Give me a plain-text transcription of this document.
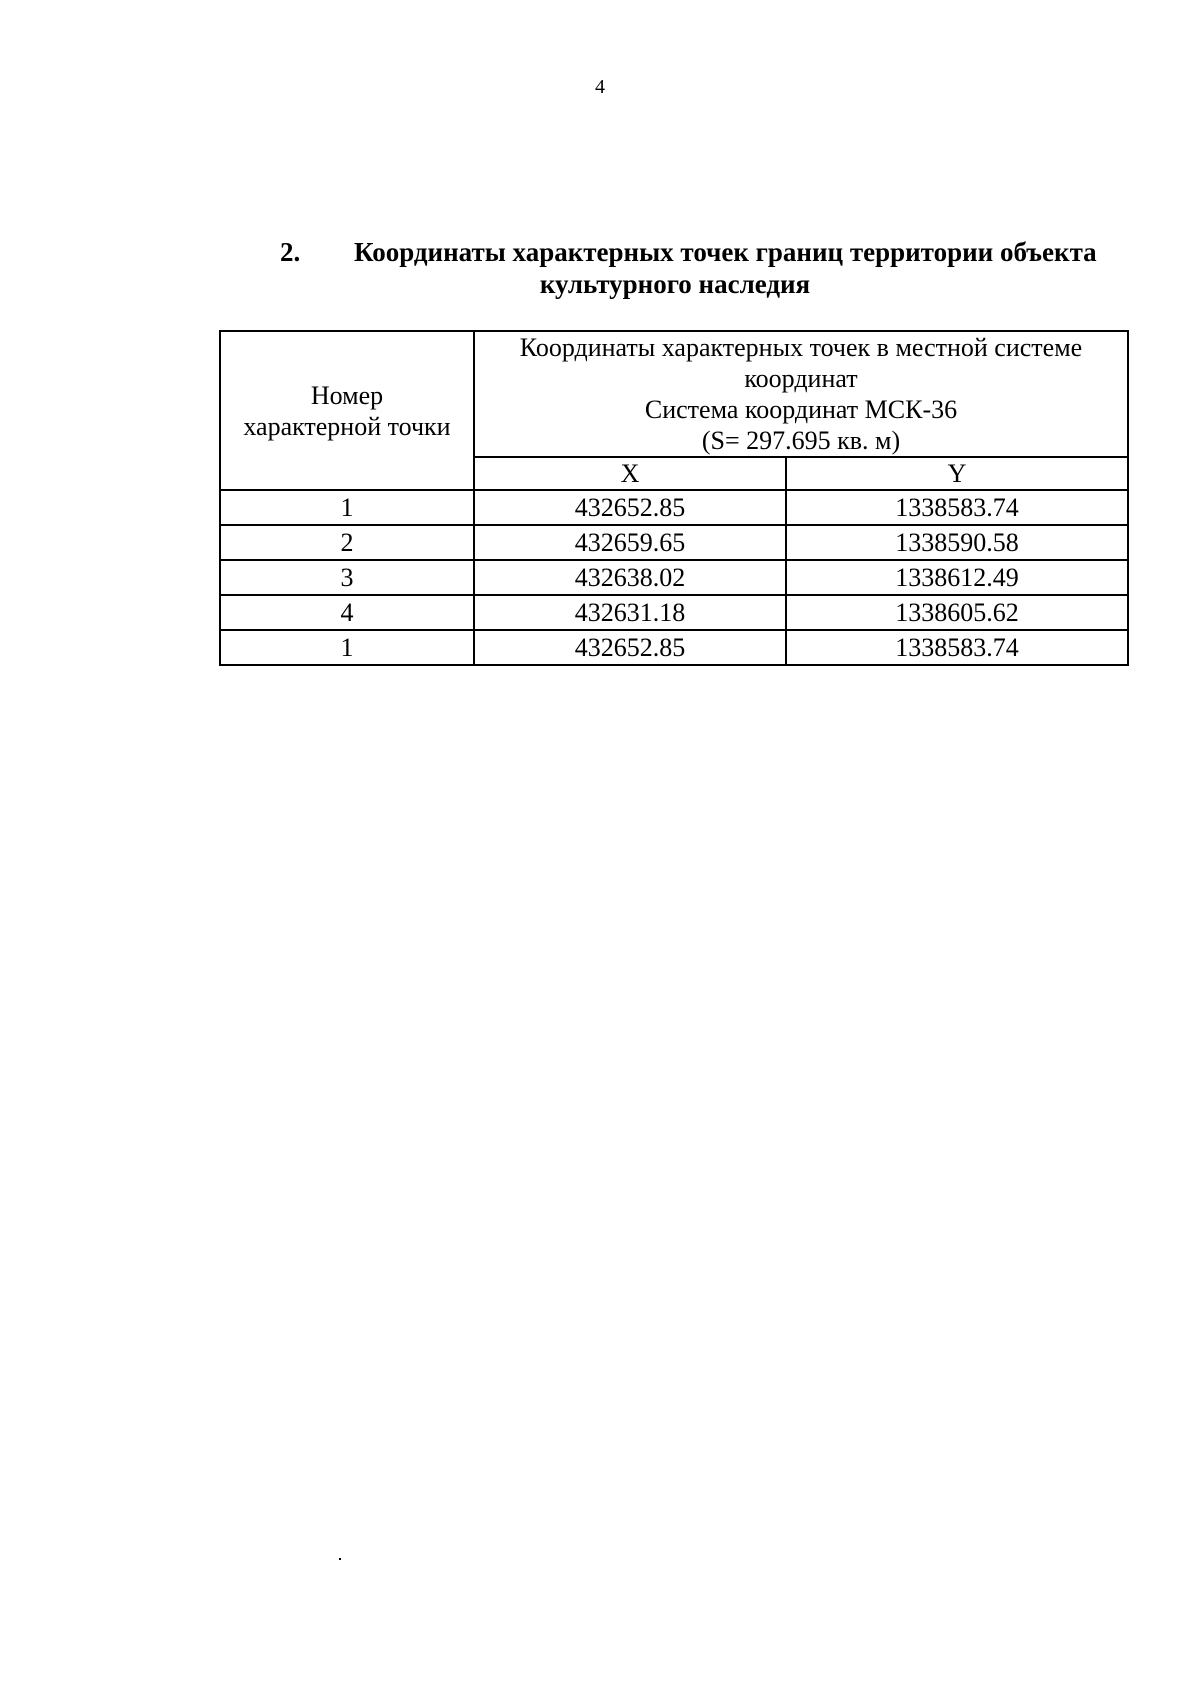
4
2.	Координаты характерных точек границ территории объекта
культурного наследия
Номер
характерной точки	Координаты характерных точек в местной системе
координат
Система координат МСК-36
(S= 297.695 кв. м)	

	X	Y
1	432652.85	1338583.74
2	432659.65	1338590.58
3	432638.02	1338612.49
4	432631.18	1338605.62
1	432652.85	1338583.74
